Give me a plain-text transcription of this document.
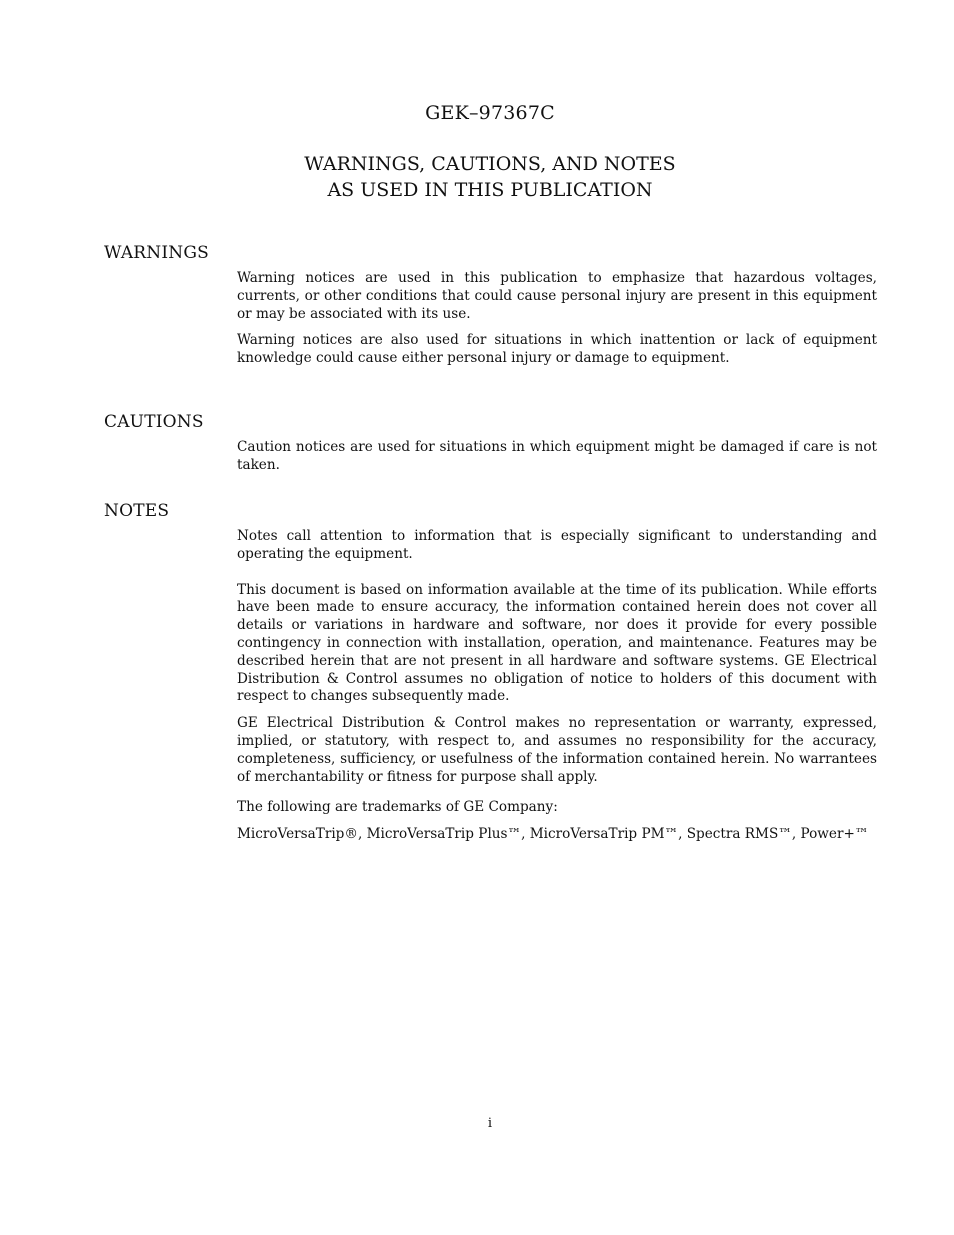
GEK–97367C
WARNINGS, CAUTIONS, AND NOTES
AS USED IN THIS PUBLICATION
WARNINGS

Warning notices are used in this publication to emphasize that hazardous voltages, currents, or other conditions that could cause personal injury are present in this equipment or may be associated with its use.

Warning notices are also used for situations in which inattention or lack of equipment knowledge could cause either personal injury or damage to equipment.

CAUTIONS

Caution notices are used for situations in which equipment might be damaged if care is not taken.

NOTES

Notes call attention to information that is especially significant to understanding and operating the equipment.

This document is based on information available at the time of its publication. While efforts have been made to ensure accuracy, the information contained herein does not cover all details or variations in hardware and software, nor does it provide for every possible contingency in connection with installation, operation, and maintenance. Features may be described herein that are not present in all hardware and software systems. GE Electrical Distribution & Control assumes no obligation of notice to holders of this document with respect to changes subsequently made.

GE Electrical Distribution & Control makes no representation or warranty, expressed, implied, or statutory, with respect to, and assumes no responsibility for the accuracy, completeness, sufficiency, or usefulness of the information contained herein. No warrantees of merchantability or fitness for purpose shall apply.

The following are trademarks of GE Company:

MicroVersaTrip®, MicroVersaTrip Plus™, MicroVersaTrip PM™, Spectra RMS™, Power+™

i
